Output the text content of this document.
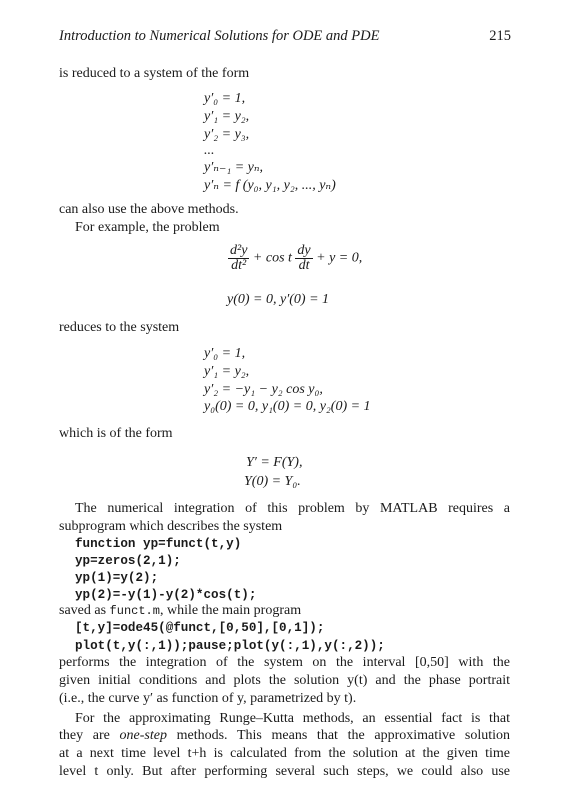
Introduction to Numerical Solutions for ODE and PDE	215
is reduced to a system of the form
y′₀ = 1,
y′₁ = y₂,
y′₂ = y₃,
...
y′ₙ₋₁ = yₙ,
y′ₙ = f (y₀, y₁, y₂, ..., yₙ)
can also use the above methods.
For example, the problem
$\frac{\text{d²y}}{\text{dt²}} + \cos t \frac{dy}{dt} + y = 0$,
y(0) = 0, y′(0) = 1
reduces to the system
y′₀ = 1,
y′₁ = y₂,
y′₂ = −y₁ − y₂ cos y₀,
y₀(0) = 0, y₁(0) = 0, y₂(0) = 1
which is of the form
Y′ = F(Y),
Y(0) = Y₀.
The numerical integration of this problem by MATLAB requires a
subprogram which describes the system
function yp=funct(t,y)
yp=zeros(2,1);
yp(1)=y(2);
yp(2)=-y(1)-y(2)*cos(t);
saved as funct.m, while the main program
[t,y]=ode45(@funct,[0,50],[0,1]);
plot(t,y(:,1));pause;plot(y(:,1),y(:,2));
performs the integration of the system on the interval [0,50] with the
given initial conditions and plots the solution y(t) and the phase portrait
(i.e., the curve y′ as function of y, parametrized by t).
For the approximating Runge–Kutta methods, an essential fact is that
they are one-step methods. This means that the approximative solution
at a next time level t+h is calculated from the solution at the given time
level t only. But after performing several such steps, we could also use
